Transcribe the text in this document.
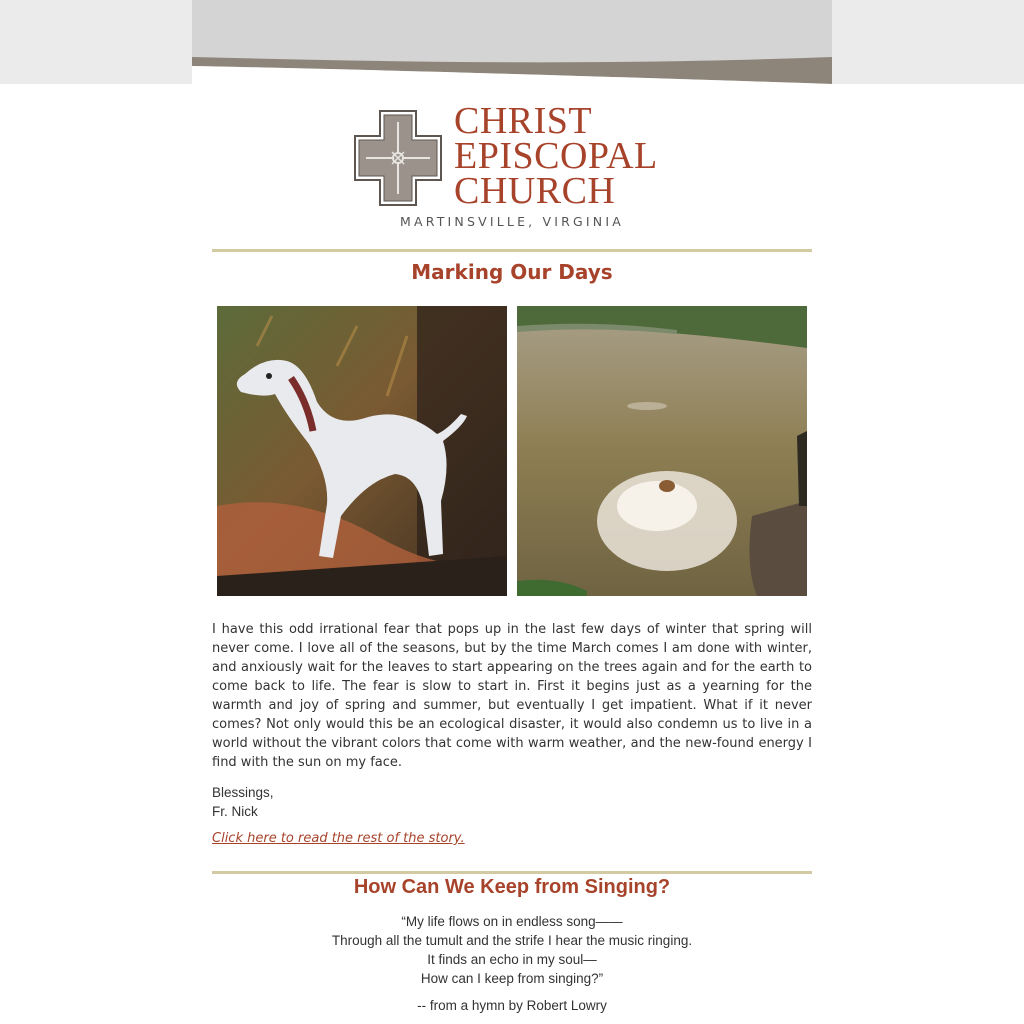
CHRIST
EPISCOPAL
CHURCH
MARTINSVILLE, VIRGINIA
Marking Our Days

I have this odd irrational fear that pops up in the last few days of winter that spring will never come. I love all of the seasons, but by the time March comes I am done with winter, and anxiously wait for the leaves to start appearing on the trees again and for the earth to come back to life. The fear is slow to start in. First it begins just as a yearning for the warmth and joy of spring and summer, but eventually I get impatient. What if it never comes? Not only would this be an ecological disaster, it would also condemn us to live in a world without the vibrant colors that come with warm weather, and the new-found energy I find with the sun on my face.

Blessings,
Fr. Nick
Click here to read the rest of the story.
How Can We Keep from Singing?
“My life flows on in endless song——
Through all the tumult and the strife I hear the music ringing.
It finds an echo in my soul—
How can I keep from singing?”
-- from a hymn by Robert Lowry
